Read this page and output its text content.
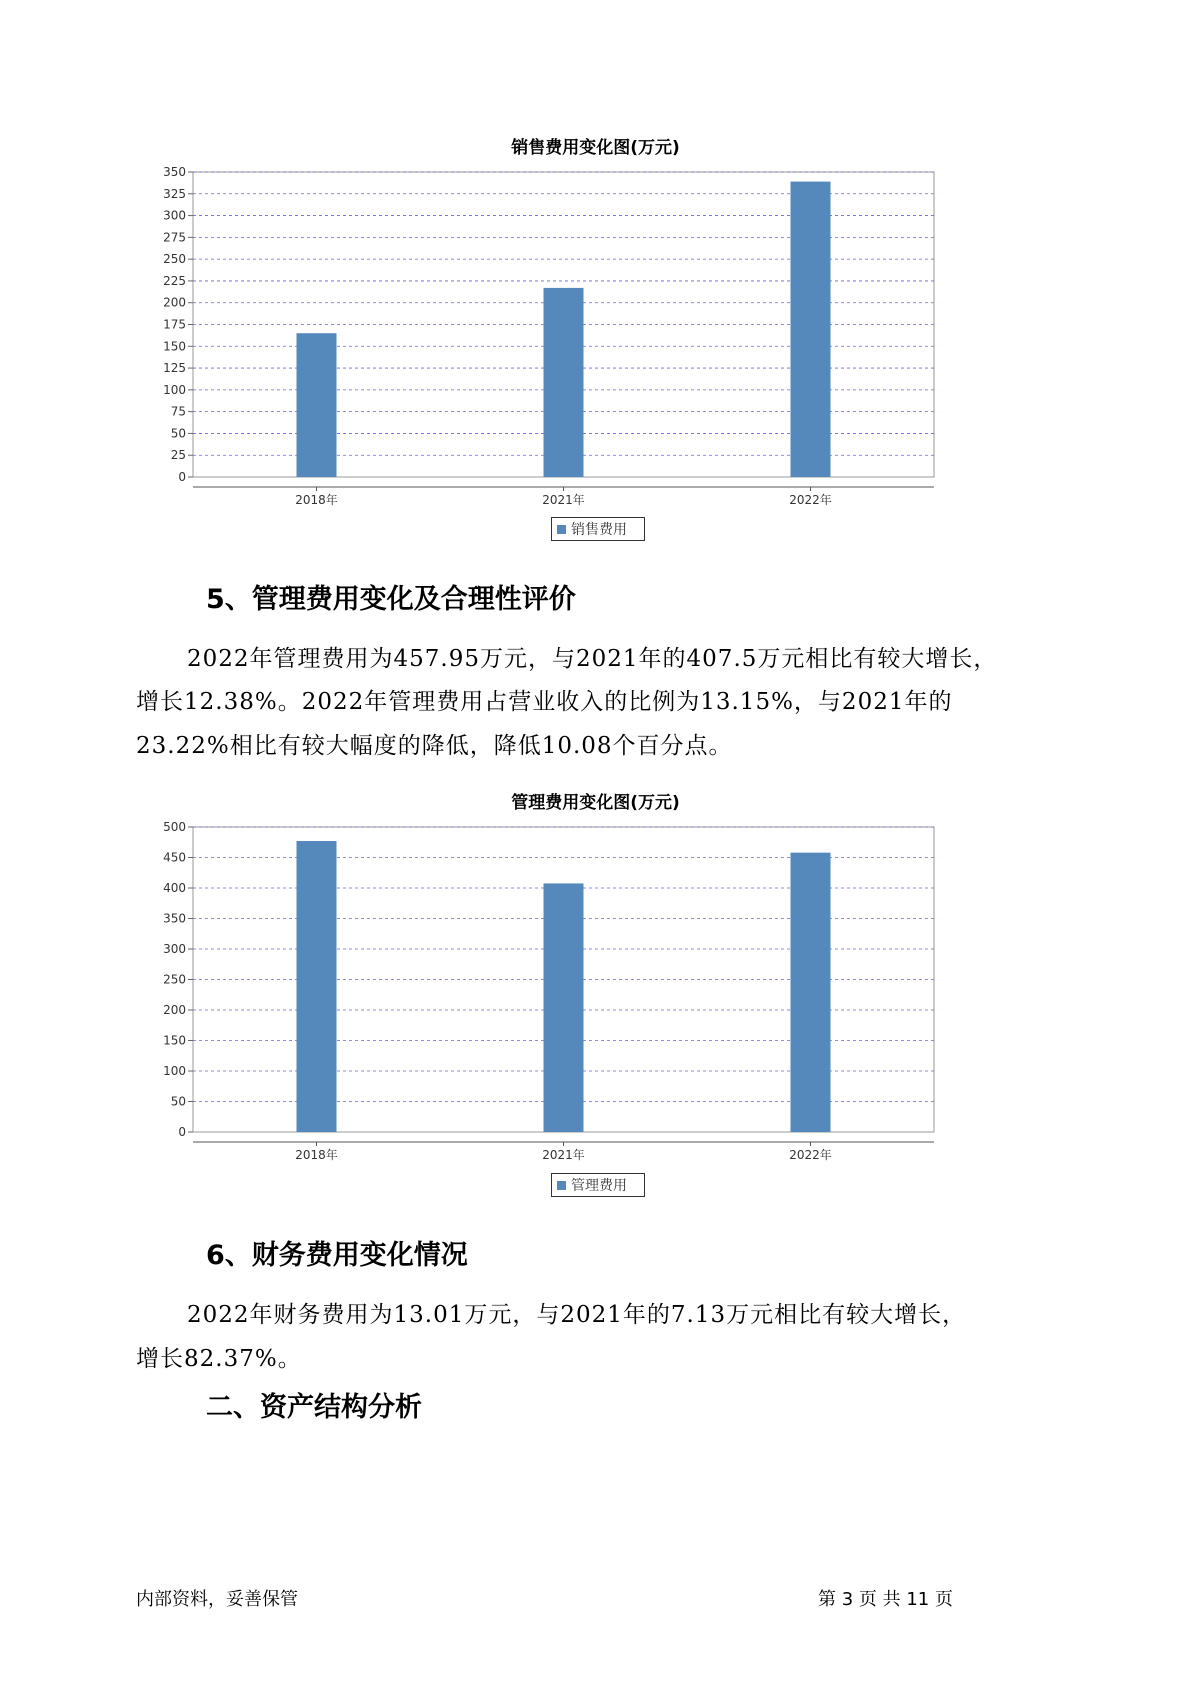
销售费用变化图(万元)
0
25
50
75
100
125
150
175
200
225
250
275
300
325
350
2018年	2021年	2022年
销售费用
5、管理费用变化及合理性评价
2022年管理费用为457.95万元，与2021年的407.5万元相比有较大增长，
增长12.38%。2022年管理费用占营业收入的比例为13.15%，与2021年的
23.22%相比有较大幅度的降低，降低10.08个百分点。
管理费用变化图(万元)
0
50
100
150
200
250
300
350
400
450
500
2018年	2021年	2022年
管理费用
6、财务费用变化情况
2022年财务费用为13.01万元，与2021年的7.13万元相比有较大增长，
增长82.37%。
二、资产结构分析
内部资料，妥善保管	第 3 页 共 11 页
